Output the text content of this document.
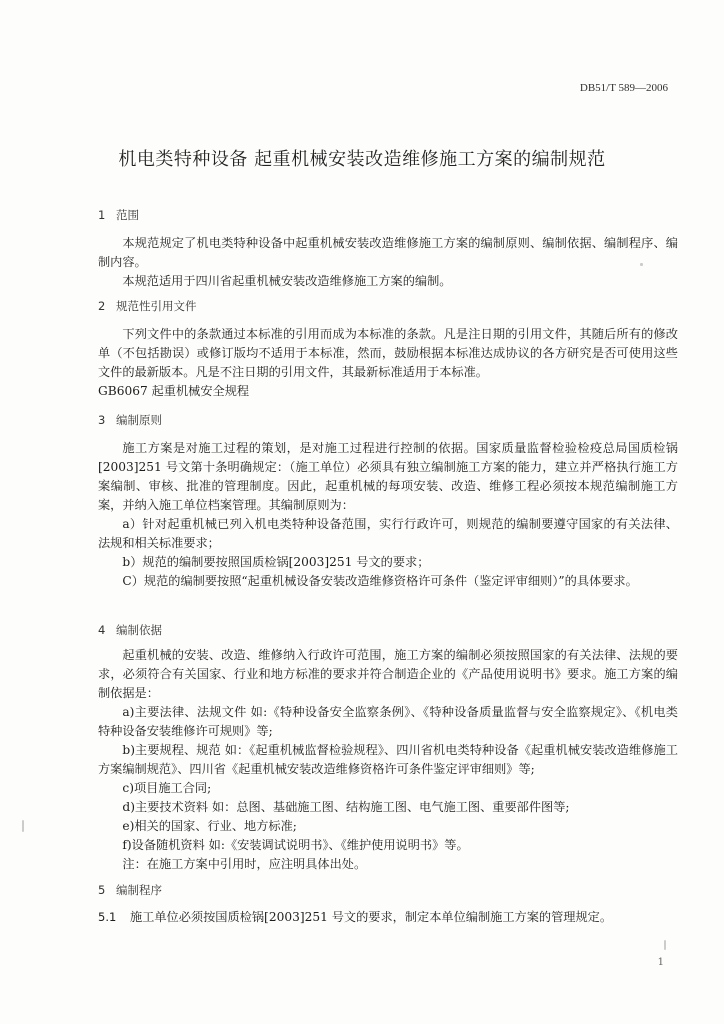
DB51/T 589—2006
机电类特种设备 起重机械安装改造维修施工方案的编制规范
1 范围

本规范规定了机电类特种设备中起重机械安装改造维修施工方案的编制原则、编制依据、编制程序、编制内容。

本规范适用于四川省起重机械安装改造维修施工方案的编制。

2 规范性引用文件

下列文件中的条款通过本标准的引用而成为本标准的条款。凡是注日期的引用文件，其随后所有的修改单（不包括勘误）或修订版均不适用于本标准，然而，鼓励根据本标准达成协议的各方研究是否可使用这些文件的最新版本。凡是不注日期的引用文件，其最新标准适用于本标准。

GB6067 起重机械安全规程

3 编制原则

施工方案是对施工过程的策划，是对施工过程进行控制的依据。国家质量监督检验检疫总局国质检锅[2003]251 号文第十条明确规定：（施工单位）必须具有独立编制施工方案的能力，建立并严格执行施工方案编制、审核、批准的管理制度。因此，起重机械的每项安装、改造、维修工程必须按本规范编制施工方案，并纳入施工单位档案管理。其编制原则为：

a）针对起重机械已列入机电类特种设备范围，实行行政许可，则规范的编制要遵守国家的有关法律、法规和相关标准要求；

b）规范的编制要按照国质检锅[2003]251 号文的要求；

C）规范的编制要按照“起重机械设备安装改造维修资格许可条件（鉴定评审细则）”的具体要求。

4 编制依据

起重机械的安装、改造、维修纳入行政许可范围，施工方案的编制必须按照国家的有关法律、法规的要求，必须符合有关国家、行业和地方标准的要求并符合制造企业的《产品使用说明书》要求。施工方案的编制依据是：

a)主要法律、法规文件 如:《特种设备安全监察条例》、《特种设备质量监督与安全监察规定》、《机电类特种设备安装维修许可规则》等;

b)主要规程、规范 如：《起重机械监督检验规程》、四川省机电类特种设备《起重机械安装改造维修施工方案编制规范》、四川省《起重机械安装改造维修资格许可条件鉴定评审细则》等;

c)项目施工合同;

d)主要技术资料 如：总图、基础施工图、结构施工图、电气施工图、重要部件图等;

e)相关的国家、行业、地方标准;

f)设备随机资料 如:《安装调试说明书》、《维护使用说明书》等。

注：在施工方案中引用时，应注明具体出处。

5 编制程序
5.1 施工单位必须按国质检锅[2003]251 号文的要求，制定本单位编制施工方案的管理规定。
1
